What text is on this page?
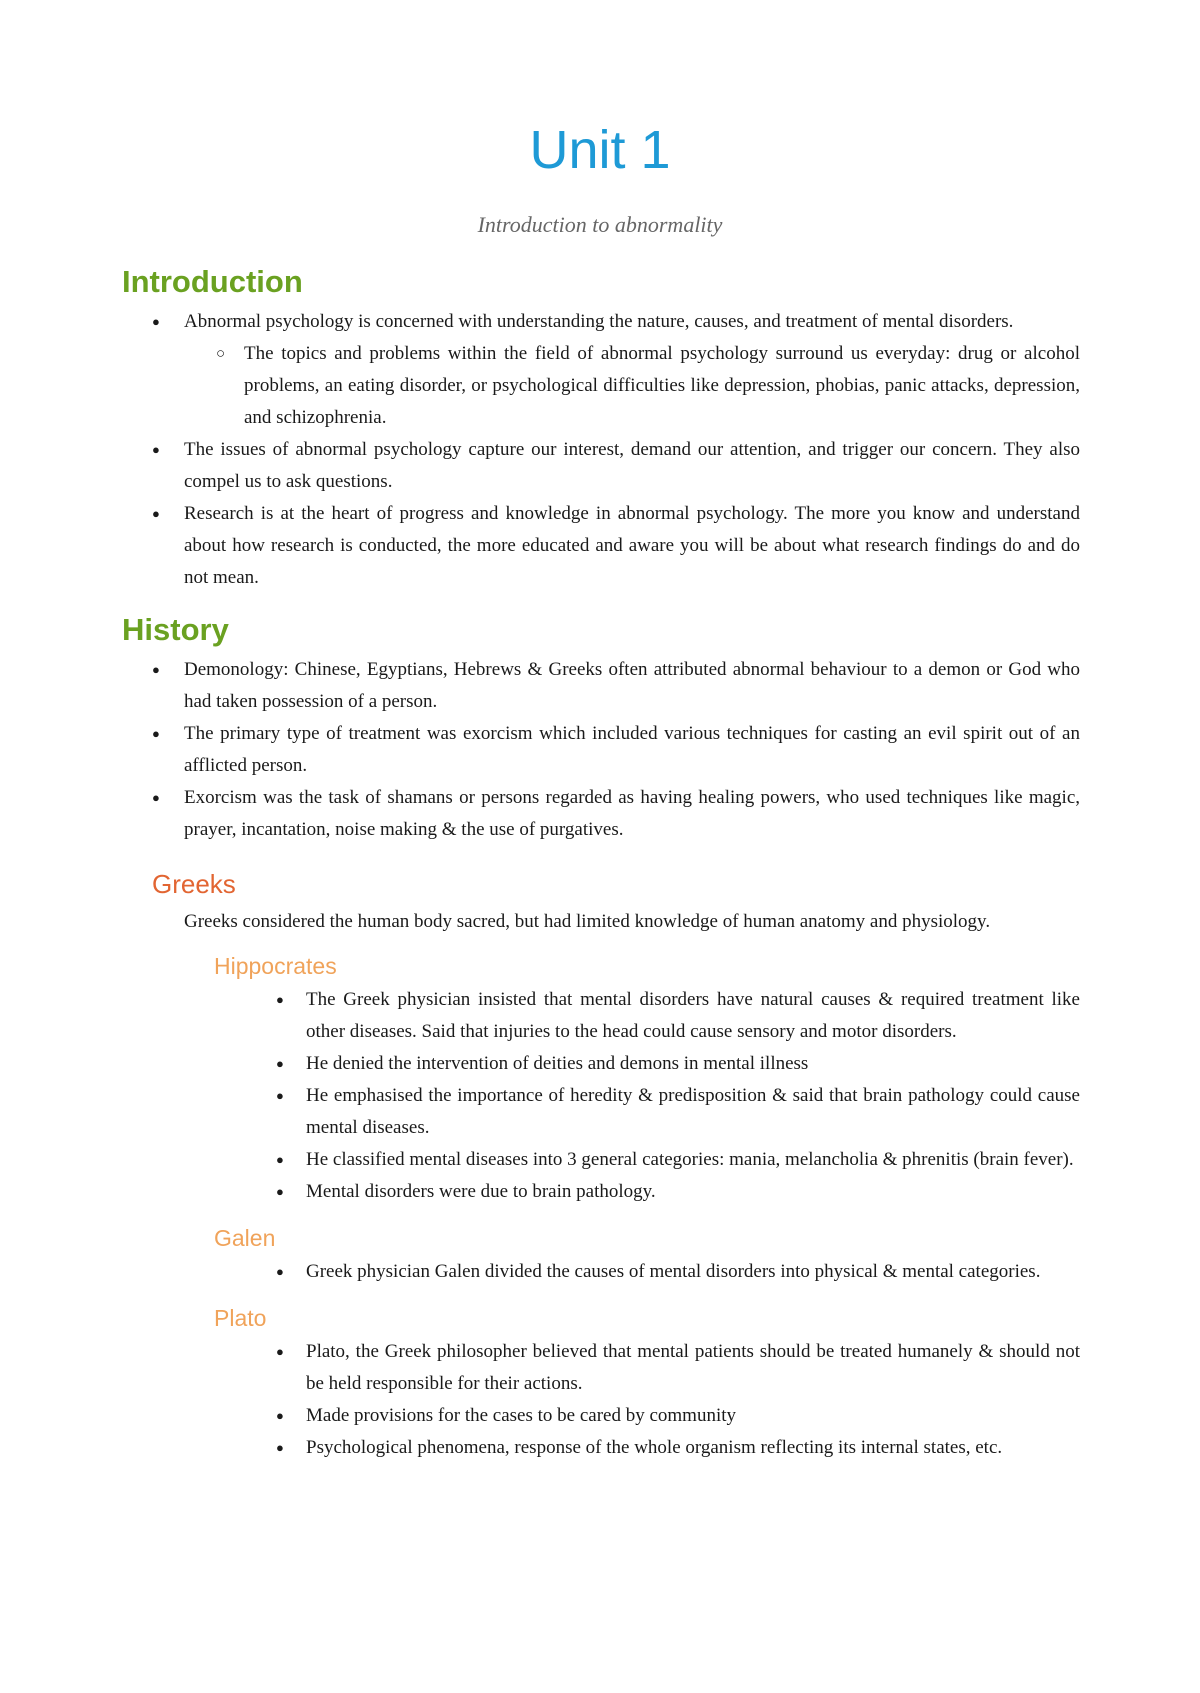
Unit 1
Introduction to abnormality
Introduction
● Abnormal psychology is concerned with understanding the nature, causes, and treatment of mental disorders.
○ The topics and problems within the field of abnormal psychology surround us everyday: drug or alcohol problems, an eating disorder, or psychological difficulties like depression, phobias, panic attacks, depression, and schizophrenia.
● The issues of abnormal psychology capture our interest, demand our attention, and trigger our concern. They also compel us to ask questions.
● Research is at the heart of progress and knowledge in abnormal psychology. The more you know and understand about how research is conducted, the more educated and aware you will be about what research findings do and do not mean.
History
● Demonology: Chinese, Egyptians, Hebrews & Greeks often attributed abnormal behaviour to a demon or God who had taken possession of a person.
● The primary type of treatment was exorcism which included various techniques for casting an evil spirit out of an afflicted person.
● Exorcism was the task of shamans or persons regarded as having healing powers, who used techniques like magic, prayer, incantation, noise making & the use of purgatives.
Greeks

Greeks considered the human body sacred, but had limited knowledge of human anatomy and physiology.

Hippocrates
● The Greek physician insisted that mental disorders have natural causes & required treatment like other diseases. Said that injuries to the head could cause sensory and motor disorders.
● He denied the intervention of deities and demons in mental illness
● He emphasised the importance of heredity & predisposition & said that brain pathology could cause mental diseases.
● He classified mental diseases into 3 general categories: mania, melancholia & phrenitis (brain fever).
● Mental disorders were due to brain pathology.
Galen
● Greek physician Galen divided the causes of mental disorders into physical & mental categories.
Plato
● Plato, the Greek philosopher believed that mental patients should be treated humanely & should not be held responsible for their actions.
● Made provisions for the cases to be cared by community
● Psychological phenomena, response of the whole organism reflecting its internal states, etc.
